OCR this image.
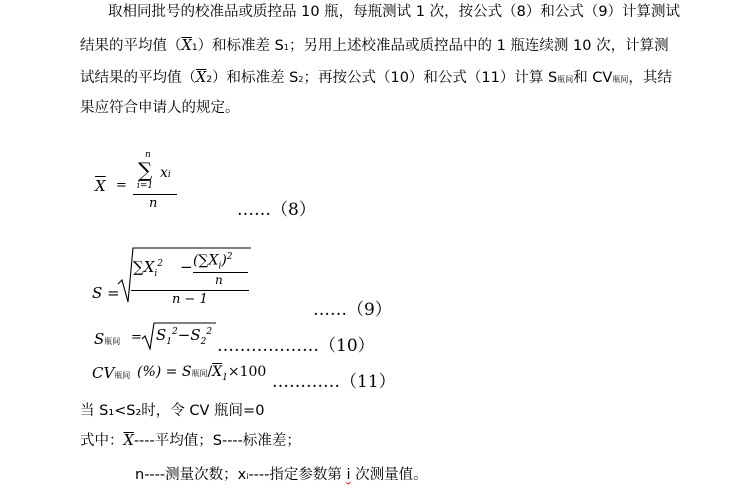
取相同批号的校准品或质控品 10 瓶，每瓶测试 1 次，按公式（8）和公式（9）计算测试
结果的平均值$(\overline{X}1)$和标准差 S1；另用上述校准品或质控品中的 1 瓶连续测 10 次，计算测
试结果的平均值$(\overline{X}2)$和标准差 S2；再按公式（10）和公式（11）计算 S瓶间和 CV瓶间，其结
果应符合申请人的规定。
$\overline{X}$ =
n
∑
i=1
xi
n	……（8）
S =
$\sum X_i^2 - (\sum X_i)^2$
n
n − 1
……（9）
S瓶间 = $S_1^2-S_2^2$
………………（10）
CV瓶间 (%) = S瓶间$/\overline{X}_1\times 100$ …………（11）
当 S₁<S₂时，令 CV 瓶间=0
式中：$\overline{X}----$平均值；S----标准差；
n----测量次数；xi----指定参数第 i 次测量值。
